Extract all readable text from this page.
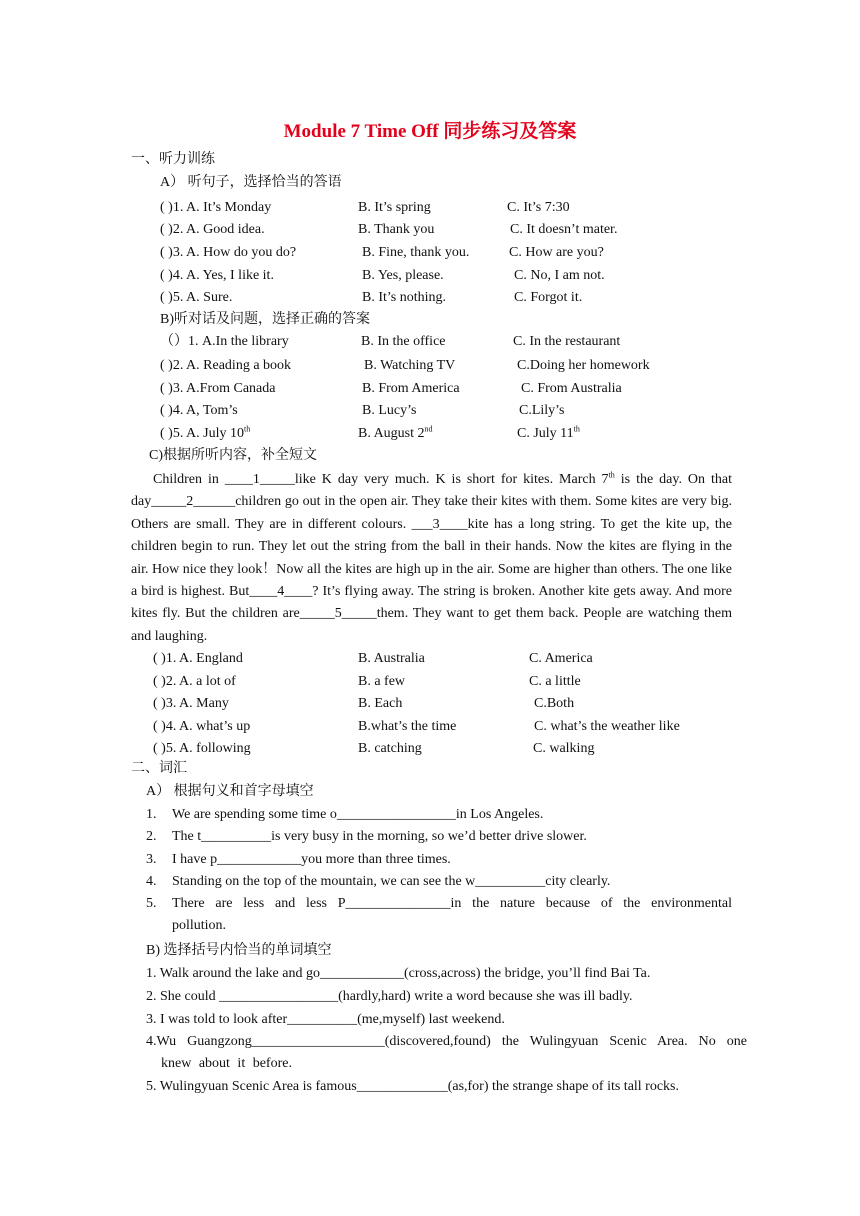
Module 7 Time Off 同步练习及答案
一、听力训练
A） 听句子，选择恰当的答语
( )1. A. It’s Monday	B. It’s spring	C. It’s 7:30
( )2. A. Good idea.	B. Thank you	C. It doesn’t mater.
( )3. A. How do you do?	B. Fine, thank you.	C. How are you?
( )4. A. Yes, I like it.	B. Yes, please.	C. No, I am not.
( )5. A. Sure.	B. It’s nothing.	C. Forgot it.
B)听对话及问题，选择正确的答案
（）1. A.In the library	B. In the office	C. In the restaurant
( )2. A. Reading a book	B. Watching TV	C.Doing her homework
( )3. A.From Canada	B. From America	C. From Australia
( )4. A, Tom’s	B. Lucy’s	C.Lily’s
( )5. A. July 10th	B. August 2nd	C. July 11th
C)根据所听内容，补全短文
Children in ____1_____like K day very much. K is short for kites. March 7th is the day. On that day_____2______children go out in the open air. They take their kites with them. Some kites are very big. Others are small. They are in different colours. ___3____kite has a long string. To get the kite up, the children begin to run. They let out the string from the ball in their hands. Now the kites are flying in the air. How nice they look！Now all the kites are high up in the air. Some are higher than others. The one like a bird is highest. But____4____? It’s flying away. The string is broken. Another kite gets away. And more kites fly. But the children are_____5_____them. They want to get them back. People are watching them and laughing.
( )1. A. England	B. Australia	C. America
( )2. A. a lot of	B. a few	C. a little
( )3. A. Many	B. Each	C.Both
( )4. A. what’s up	B.what’s the time	C. what’s the weather like
( )5. A. following	B. catching	C. walking
二、词汇
A） 根据句义和首字母填空
1. We are spending some time o_________________in Los Angeles.
2. The t__________is very busy in the morning, so we’d better drive slower.
3. I have p____________you more than three times.
4. Standing on the top of the mountain, we can see the w__________city clearly.
5. There are less and less P_______________in the nature because of the environmental pollution.
B) 选择括号内恰当的单词填空
1. Walk around the lake and go____________(cross,across) the bridge, you’ll find Bai Ta.
2. She could _________________(hardly,hard) write a word because she was ill badly.
3. I was told to look after__________(me,myself) last weekend.
4.Wu Guangzong___________________(discovered,found) the Wulingyuan Scenic Area. No one knew about it before.
5. Wulingyuan Scenic Area is famous_____________(as,for) the strange shape of its tall rocks.
